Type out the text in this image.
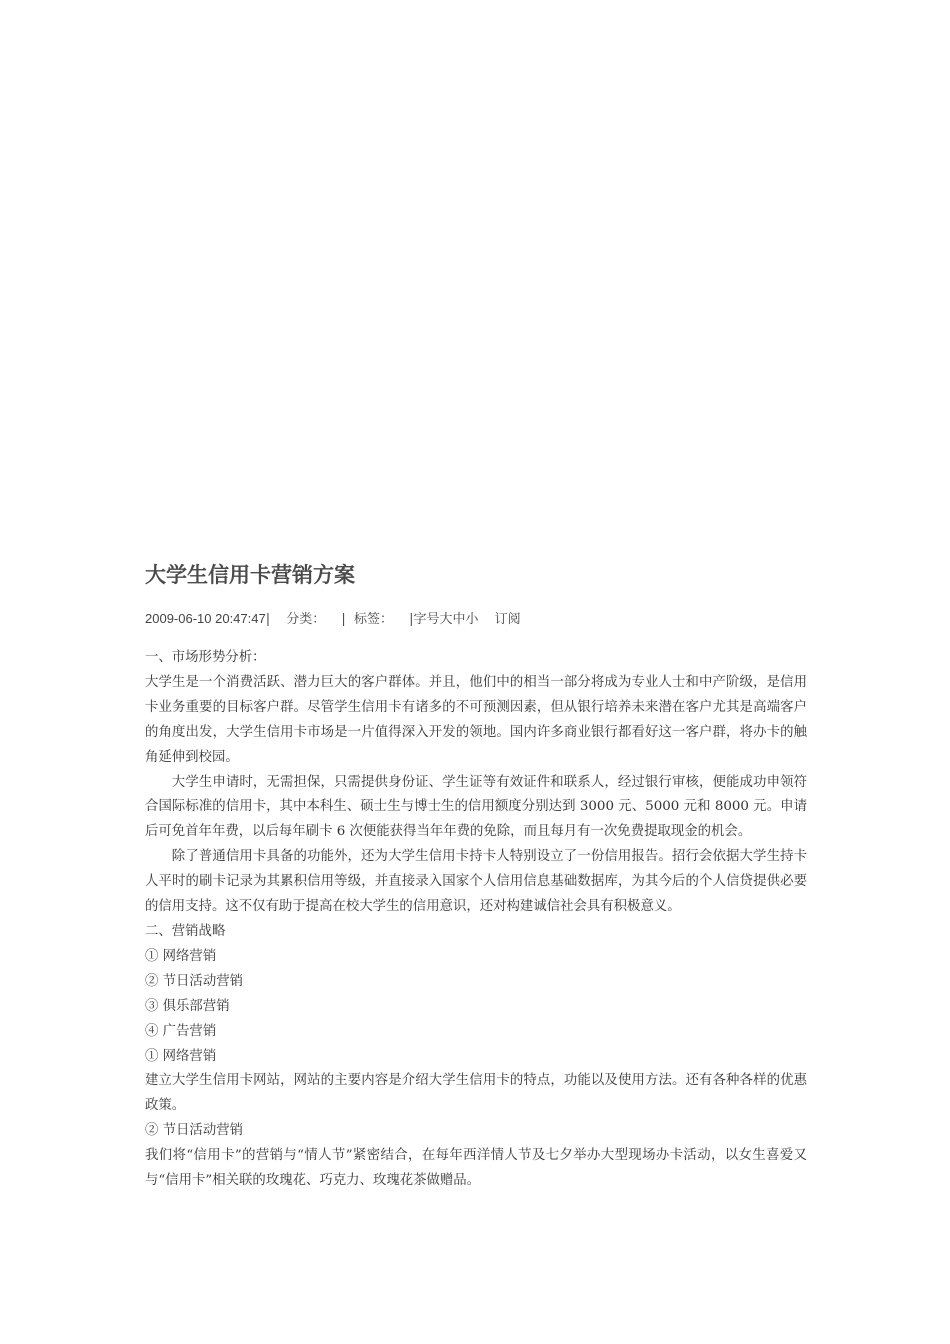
大学生信用卡营销方案
2009-06-10 20:47:47| 分类： | 标签： |字号大中小 订阅

一、市场形势分析：

大学生是一个消费活跃、潜力巨大的客户群体。并且，他们中的相当一部分将成为专业人士和中产阶级，是信用卡业务重要的目标客户群。尽管学生信用卡有诸多的不可预测因素，但从银行培养未来潜在客户尤其是高端客户的角度出发，大学生信用卡市场是一片值得深入开发的领地。国内许多商业银行都看好这一客户群，将办卡的触角延伸到校园。

大学生申请时，无需担保，只需提供身份证、学生证等有效证件和联系人，经过银行审核，便能成功申领符合国际标准的信用卡，其中本科生、硕士生与博士生的信用额度分别达到 3000 元、5000 元和 8000 元。申请后可免首年年费，以后每年刷卡 6 次便能获得当年年费的免除，而且每月有一次免费提取现金的机会。

除了普通信用卡具备的功能外，还为大学生信用卡持卡人特别设立了一份信用报告。招行会依据大学生持卡人平时的刷卡记录为其累积信用等级，并直接录入国家个人信用信息基础数据库，为其今后的个人信贷提供必要的信用支持。这不仅有助于提高在校大学生的信用意识，还对构建诚信社会具有积极意义。

二、营销战略

① 网络营销

② 节日活动营销

③ 俱乐部营销

④ 广告营销

① 网络营销

建立大学生信用卡网站，网站的主要内容是介绍大学生信用卡的特点，功能以及使用方法。还有各种各样的优惠政策。

② 节日活动营销

我们将“信用卡”的营销与“情人节”紧密结合，在每年西洋情人节及七夕举办大型现场办卡活动，以女生喜爱又与“信用卡”相关联的玫瑰花、巧克力、玫瑰花茶做赠品。
